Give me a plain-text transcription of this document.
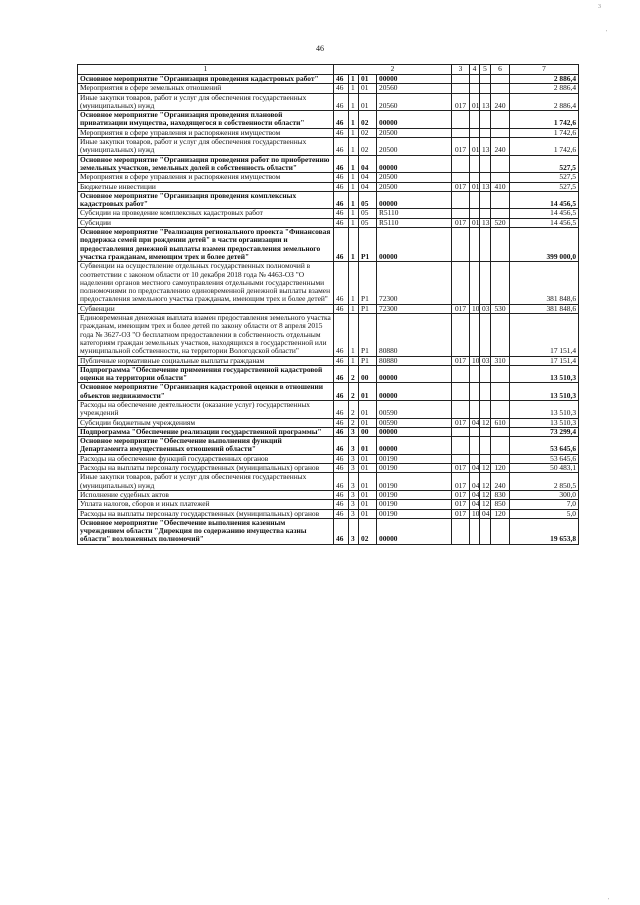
46
3
'
'
1	2				3	4	5	6	7
Основное мероприятие "Организация проведения кадастровых работ"	46	1	01	00000					2 886,4
Мероприятия в сфере земельных отношений	46	1	01	20560					2 886,4
Иные закупки товаров, работ и услуг для обеспечения государственных (муниципальных) нужд	46	1	01	20560	017	01	13	240	2 886,4
Основное мероприятие "Организация проведения плановой приватизации имущества, находящегося в собственности области"	46	1	02	00000					1 742,6
Мероприятия в сфере управления и распоряжения имуществом	46	1	02	20500					1 742,6
Иные закупки товаров, работ и услуг для обеспечения государственных (муниципальных) нужд	46	1	02	20500	017	01	13	240	1 742,6
Основное мероприятие "Организация проведения работ по приобретению земельных участков, земельных долей в собственность области"	46	1	04	00000					527,5
Мероприятия в сфере управления и распоряжения имуществом	46	1	04	20500					527,5
Бюджетные инвестиции	46	1	04	20500	017	01	13	410	527,5
Основное мероприятие "Организация проведения комплексных кадастровых работ"	46	1	05	00000					14 456,5
Субсидии на проведение комплексных кадастровых работ	46	1	05	R5110					14 456,5
Субсидии	46	1	05	R5110	017	01	13	520	14 456,5
Основное мероприятие "Реализация регионального проекта "Финансовая поддержка семей при рождении детей" в части организации и предоставления денежной выплаты взамен предоставления земельного участка гражданам, имеющим трех и более детей"	46	1	P1	00000					399 000,0
Субвенции на осуществление отдельных государственных полномочий в соответствии с законом области от 10 декабря 2018 года № 4463-ОЗ "О наделении органов местного самоуправления отдельными государственными полномочиями по предоставлению единовременной денежной выплаты взамен предоставления земельного участка гражданам, имеющим трех и более детей"	46	1	P1	72300					381 848,6
Субвенции	46	1	P1	72300	017	10	03	530	381 848,6
Единовременная денежная выплата взамен предоставления земельного участка гражданам, имеющим трех и более детей по закону области от 8 апреля 2015 года № 3627-ОЗ "О бесплатном предоставлении в собственность отдельным категориям граждан земельных участков, находящихся в государственной или муниципальной собственности, на территории Вологодской области"	46	1	P1	80880					17 151,4
Публичные нормативные социальные выплаты гражданам	46	1	P1	80880	017	10	03	310	17 151,4
Подпрограмма "Обеспечение применения государственной кадастровой оценки на территории области"	46	2	00	00000					13 510,3
Основное мероприятие "Организация кадастровой оценки в отношении объектов недвижимости"	46	2	01	00000					13 510,3
Расходы на обеспечение деятельности (оказание услуг) государственных учреждений	46	2	01	00590					13 510,3
Субсидии бюджетным учреждениям	46	2	01	00590	017	04	12	610	13 510,3
Подпрограмма "Обеспечение реализации государственной программы"	46	3	00	00000					73 299,4
Основное мероприятие "Обеспечение выполнения функций Департамента имущественных отношений области"	46	3	01	00000					53 645,6
Расходы на обеспечение функций государственных органов	46	3	01	00190					53 645,6
Расходы на выплаты персоналу государственных (муниципальных) органов	46	3	01	00190	017	04	12	120	50 483,1
Иные закупки товаров, работ и услуг для обеспечения государственных (муниципальных) нужд	46	3	01	00190	017	04	12	240	2 850,5
Исполнение судебных актов	46	3	01	00190	017	04	12	830	300,0
Уплата налогов, сборов и иных платежей	46	3	01	00190	017	04	12	850	7,0
Расходы на выплаты персоналу государственных (муниципальных) органов	46	3	01	00190	017	10	04	120	5,0
Основное мероприятие "Обеспечение выполнения казенным учреждением области "Дирекция по содержанию имущества казны области" возложенных полномочий"	46	3	02	00000					19 653,8
